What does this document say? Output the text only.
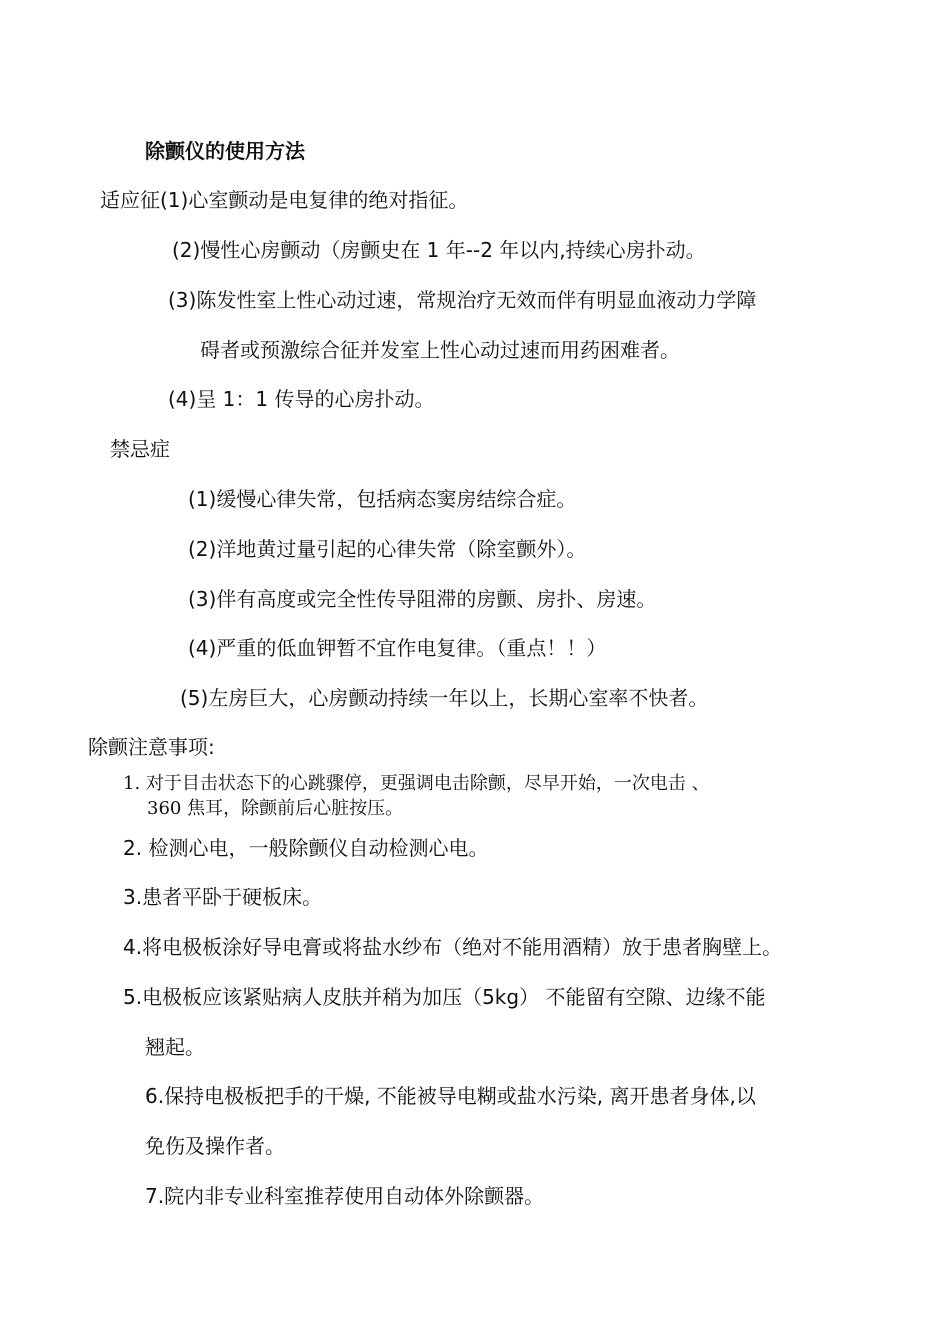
除颤仪的使用方法
适应征(1)心室颤动是电复律的绝对指征。
(2)慢性心房颤动（房颤史在 1 年--2 年以内,持续心房扑动。
(3)陈发性室上性心动过速，常规治疗无效而伴有明显血液动力学障
碍者或预激综合征并发室上性心动过速而用药困难者。
(4)呈 1：1 传导的心房扑动。
禁忌症
(1)缓慢心律失常，包括病态窦房结综合症。
(2)洋地黄过量引起的心律失常（除室颤外）。
(3)伴有高度或完全性传导阻滞的房颤、房扑、房速。
(4)严重的低血钾暂不宜作电复律。（重点！！）
(5)左房巨大，心房颤动持续一年以上，长期心室率不快者。
除颤注意事项:
1. 对于目击状态下的心跳骤停，更强调电击除颤，尽早开始，一次电击 、
360 焦耳，除颤前后心脏按压。
2. 检测心电，一般除颤仪自动检测心电。
3.患者平卧于硬板床。
4.将电极板涂好导电膏或将盐水纱布（绝对不能用酒精）放于患者胸壁上。
5.电极板应该紧贴病人皮肤并稍为加压（5kg） 不能留有空隙、边缘不能
翘起。
6.保持电极板把手的干燥, 不能被导电糊或盐水污染, 离开患者身体,以
免伤及操作者。
7.院内非专业科室推荐使用自动体外除颤器。
